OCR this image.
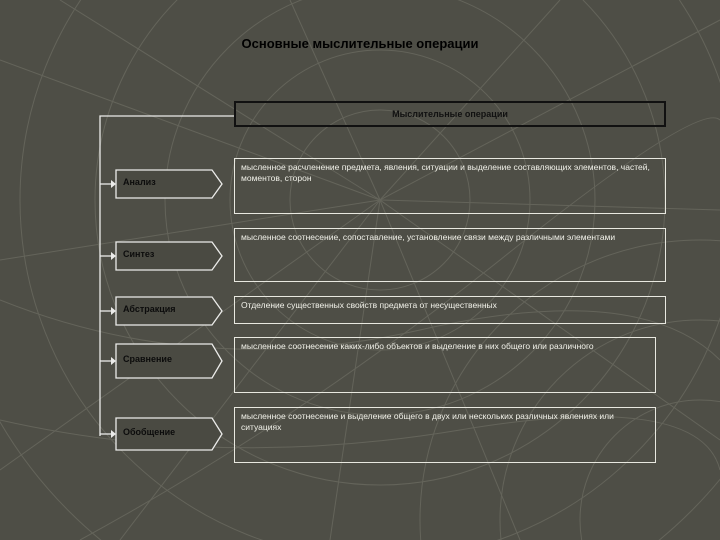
Основные мыслительные операции
Мыслительные операции
Анализ
Синтез
Абстракция
Сравнение
Обобщение
мысленное расчленение предмета, явления, ситуации и выделение составляющих элементов, частей, моментов, сторон
мысленное соотнесение, сопоставление, установление связи между различными элементами
Отделение существенных свойств предмета от несущественных
мысленное соотнесение каких-либо объектов и выделение в них общего или различного
мысленное соотнесение и выделение общего в двух или нескольких различных явлениях или ситуациях
